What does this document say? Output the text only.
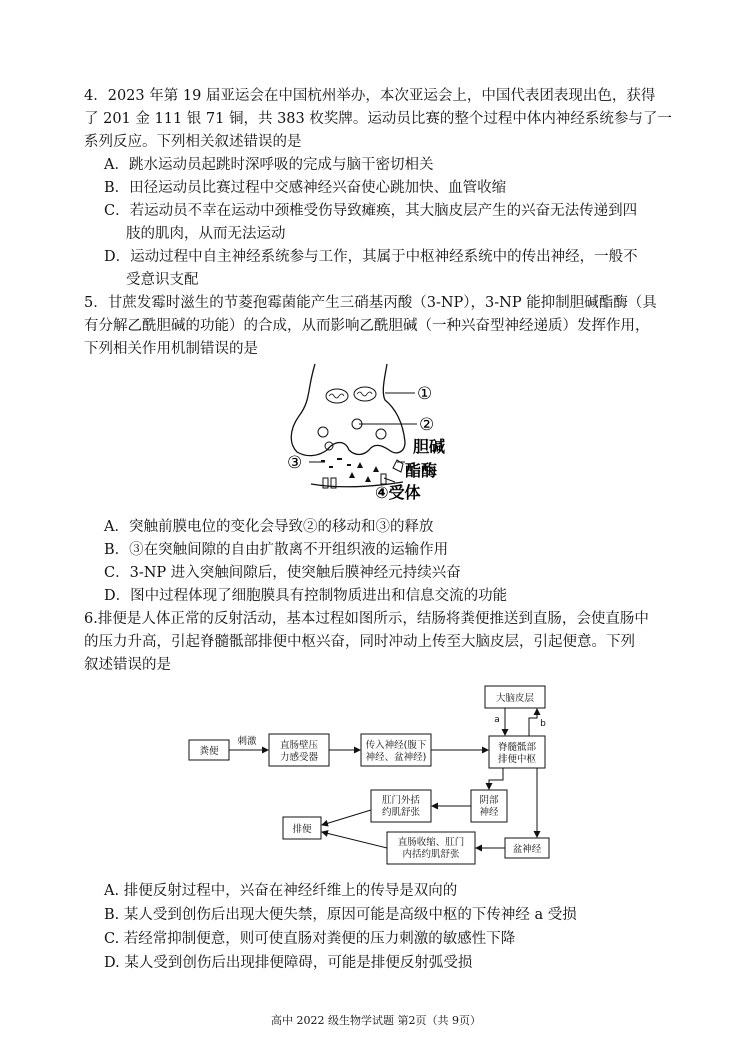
4．2023 年第 19 届亚运会在中国杭州举办，本次亚运会上，中国代表团表现出色，获得
了 201 金 111 银 71 铜，共 383 枚奖牌。运动员比赛的整个过程中体内神经系统参与了一
系列反应。下列相关叙述错误的是
A．跳水运动员起跳时深呼吸的完成与脑干密切相关
B．田径运动员比赛过程中交感神经兴奋使心跳加快、血管收缩
C．若运动员不幸在运动中颈椎受伤导致瘫痪，其大脑皮层产生的兴奋无法传递到四
肢的肌肉，从而无法运动
D．运动过程中自主神经系统参与工作，其属于中枢神经系统中的传出神经，一般不
受意识支配
5．甘蔗发霉时滋生的节菱孢霉菌能产生三硝基丙酸（3-NP），3-NP 能抑制胆碱酯酶（具
有分解乙酰胆碱的功能）的合成，从而影响乙酰胆碱（一种兴奋型神经递质）发挥作用，
下列相关作用机制错误的是
①
②
③
胆碱
酯酶
④受体
A．突触前膜电位的变化会导致②的移动和③的释放
B．③在突触间隙的自由扩散离不开组织液的运输作用
C．3-NP 进入突触间隙后，使突触后膜神经元持续兴奋
D．图中过程体现了细胞膜具有控制物质进出和信息交流的功能
6.排便是人体正常的反射活动，基本过程如图所示，结肠将粪便推送到直肠，会使直肠中
的压力升高，引起脊髓骶部排便中枢兴奋，同时冲动上传至大脑皮层，引起便意。下列
叙述错误的是
粪便
刺激 直肠壁压
力感受器
传入神经(腹下
神经、盆神经)
大脑皮层
a	b
脊髓骶部
排便中枢
肛门外括
约肌舒张
阴部
神经
排便
直肠收缩、肛门
内括约肌舒张	盆神经
A. 排便反射过程中，兴奋在神经纤维上的传导是双向的
B. 某人受到创伤后出现大便失禁，原因可能是高级中枢的下传神经 a 受损
C. 若经常抑制便意，则可使直肠对粪便的压力刺激的敏感性下降
D. 某人受到创伤后出现排便障碍，可能是排便反射弧受损
高中 2022 级生物学试题 第2页（共 9页）
